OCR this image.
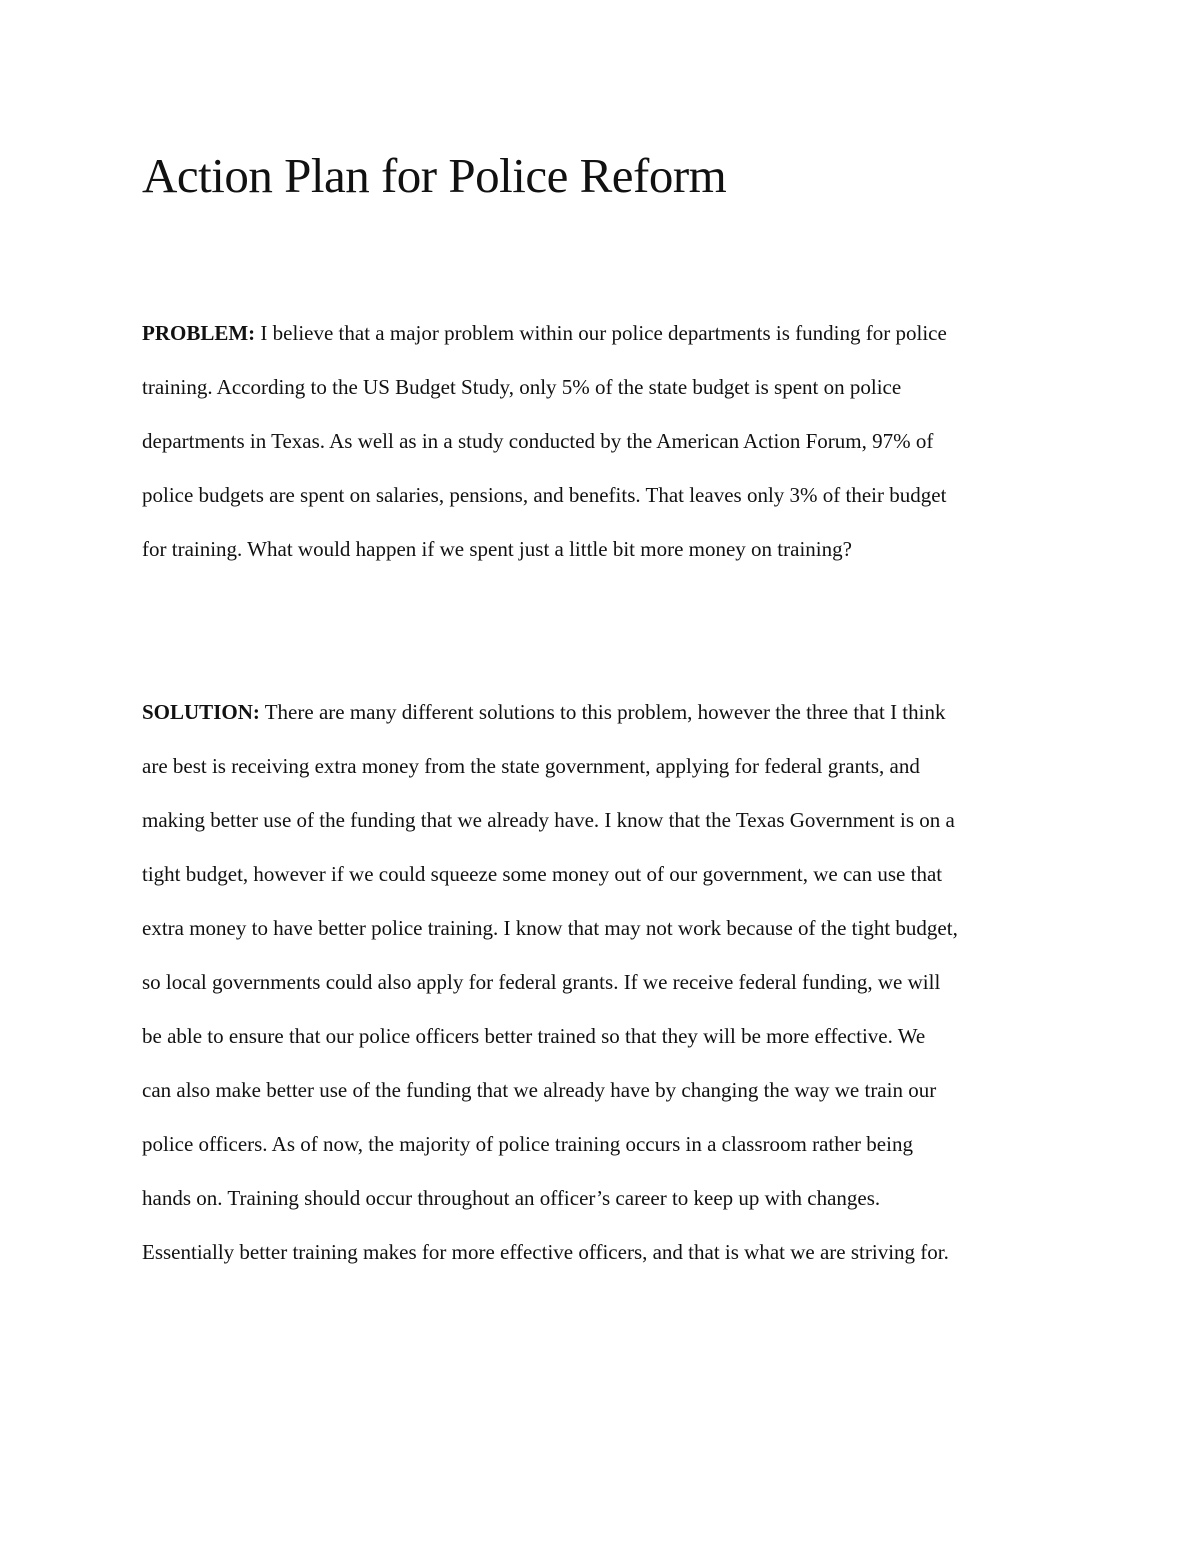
Action Plan for Police Reform
PROBLEM: I believe that a major problem within our police departments is funding for police
training. According to the US Budget Study, only 5% of the state budget is spent on police
departments in Texas. As well as in a study conducted by the American Action Forum, 97% of
police budgets are spent on salaries, pensions, and benefits. That leaves only 3% of their budget
for training. What would happen if we spent just a little bit more money on training?
SOLUTION: There are many different solutions to this problem, however the three that I think
are best is receiving extra money from the state government, applying for federal grants, and
making better use of the funding that we already have. I know that the Texas Government is on a
tight budget, however if we could squeeze some money out of our government, we can use that
extra money to have better police training. I know that may not work because of the tight budget,
so local governments could also apply for federal grants. If we receive federal funding, we will
be able to ensure that our police officers better trained so that they will be more effective. We
can also make better use of the funding that we already have by changing the way we train our
police officers. As of now, the majority of police training occurs in a classroom rather being
hands on. Training should occur throughout an officer’s career to keep up with changes.
Essentially better training makes for more effective officers, and that is what we are striving for.
